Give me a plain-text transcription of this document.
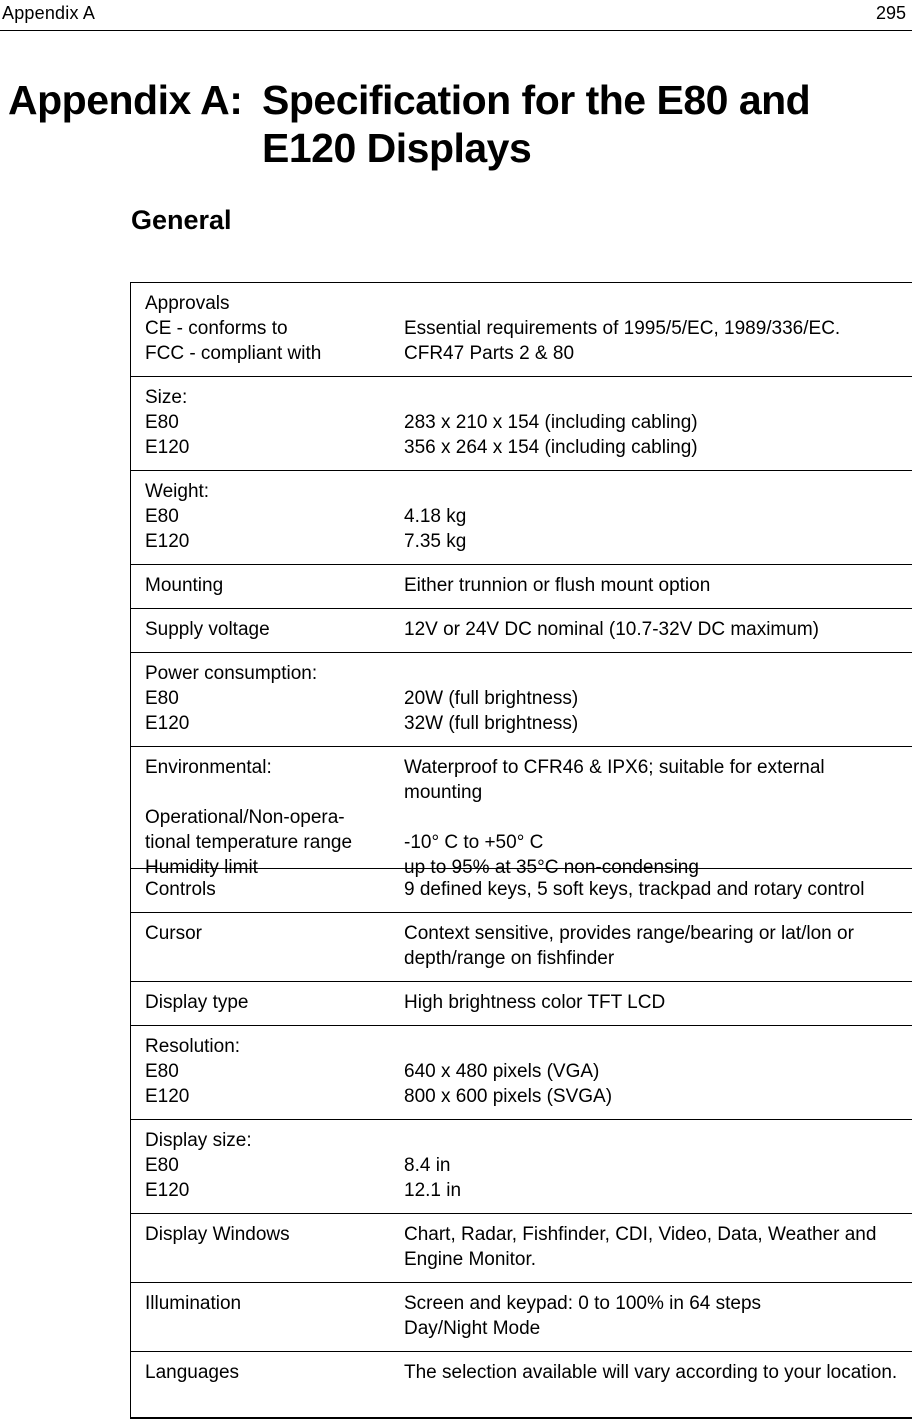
Appendix A	295
Appendix A: Specification for the E80 and
E120 Displays
General
Approvals
CE - conforms to	Essential requirements of 1995/5/EC, 1989/336/EC.
FCC - compliant with	CFR47 Parts 2 & 80
Size:
E80	283 x 210 x 154 (including cabling)
E120	356 x 264 x 154 (including cabling)
Weight:
E80	4.18 kg
E120	7.35 kg
Mounting	Either trunnion or flush mount option
Supply voltage	12V or 24V DC nominal (10.7-32V DC maximum)
Power consumption:
E80	20W (full brightness)
E120	32W (full brightness)
Environmental:	Waterproof to CFR46 & IPX6; suitable for external mounting
Operational/Non-opera-
tional temperature range	-10° C to +50° C
Humidity limit	up to 95% at 35°C non-condensing
Controls	9 defined keys, 5 soft keys, trackpad and rotary control
Cursor	Context sensitive, provides range/bearing or lat/lon or
depth/range on fishfinder
Display type	High brightness color TFT LCD
Resolution:
E80	640 x 480 pixels (VGA)
E120	800 x 600 pixels (SVGA)
Display size:
E80	8.4 in
E120	12.1 in
Display Windows	Chart, Radar, Fishfinder, CDI, Video, Data, Weather and
Engine Monitor.
Illumination	Screen and keypad: 0 to 100% in 64 steps
Day/Night Mode
Languages	The selection available will vary according to your location.
